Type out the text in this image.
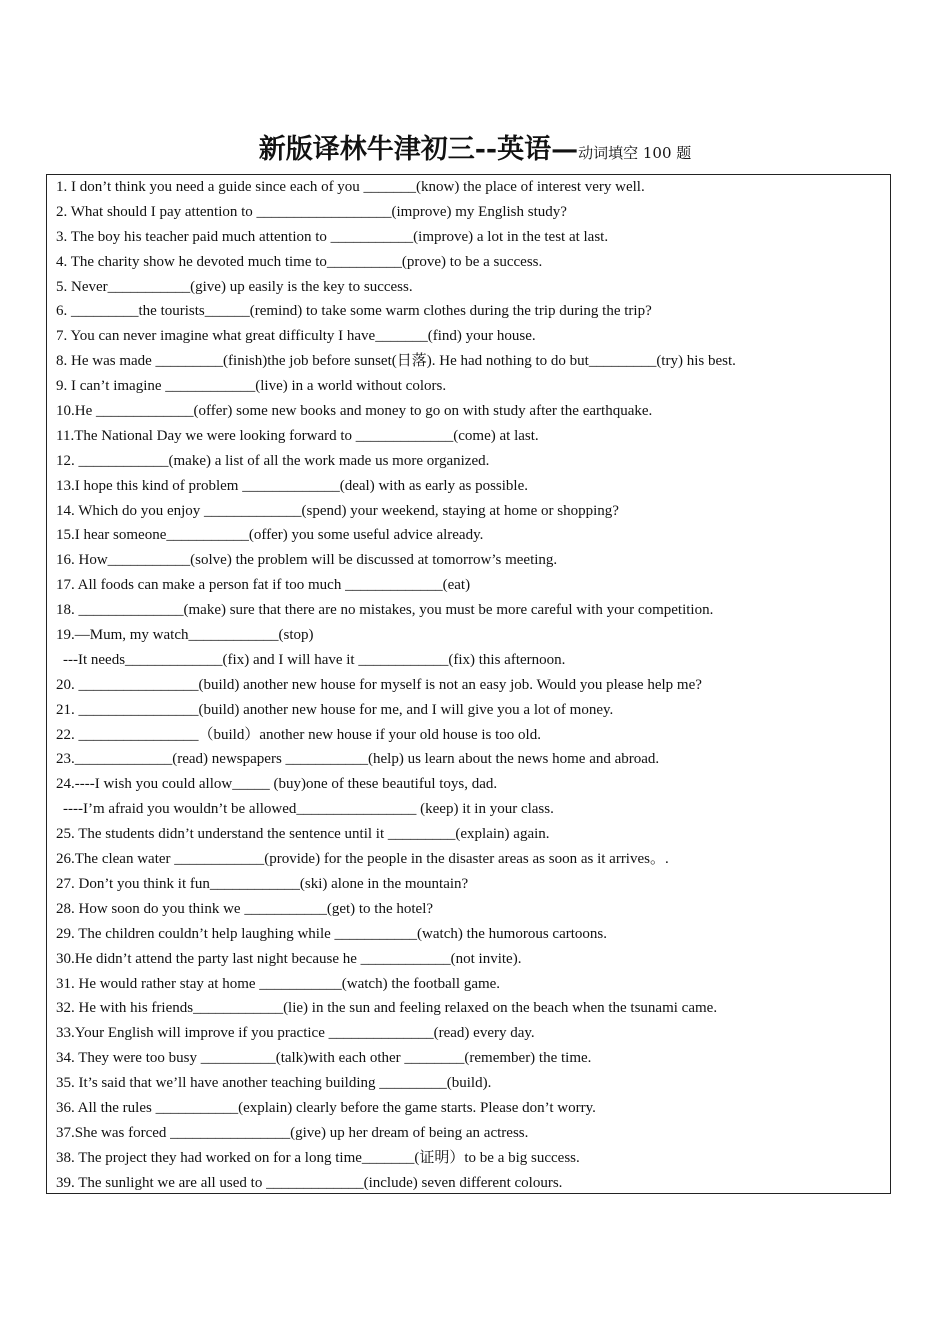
新版译林牛津初三--英语—动词填空 100 题
1. I don’t think you need a guide since each of you _______(know) the place of interest very well.
2. What should I pay attention to __________________(improve) my English study?
3. The boy his teacher paid much attention to ___________(improve) a lot in the test at last.
4. The charity show he devoted much time to__________(prove) to be a success.
5. Never___________(give) up easily is the key to success.
6. _________the tourists______(remind) to take some warm clothes during the trip during the trip?
7. You can never imagine what great difficulty I have_______(find) your house.
8. He was made _________(finish)the job before sunset(日落). He had nothing to do but_________(try) his best.
9. I can’t imagine ____________(live) in a world without colors.
10.He _____________(offer) some new books and money to go on with study after the earthquake.
11.The National Day we were looking forward to _____________(come) at last.
12. ____________(make) a list of all the work made us more organized.
13.I hope this kind of problem _____________(deal) with as early as possible.
14. Which do you enjoy _____________(spend) your weekend, staying at home or shopping?
15.I hear someone___________(offer) you some useful advice already.
16. How___________(solve) the problem will be discussed at tomorrow’s meeting.
17. All foods can make a person fat if too much _____________(eat)
18. ______________(make) sure that there are no mistakes, you must be more careful with your competition.
19.—Mum, my watch____________(stop)
---It needs_____________(fix) and I will have it ____________(fix) this afternoon.
20. ________________(build) another new house for myself is not an easy job. Would you please help me?
21. ________________(build) another new house for me, and I will give you a lot of money.
22. ________________（build）another new house if your old house is too old.
23._____________(read) newspapers ___________(help) us learn about the news home and abroad.
24.----I wish you could allow_____ (buy)one of these beautiful toys, dad.
----I’m afraid you wouldn’t be allowed________________ (keep) it in your class.
25. The students didn’t understand the sentence until it _________(explain) again.
26.The clean water ____________(provide) for the people in the disaster areas as soon as it arrives。.
27. Don’t you think it fun____________(ski) alone in the mountain?
28. How soon do you think we ___________(get) to the hotel?
29. The children couldn’t help laughing while ___________(watch) the humorous cartoons.
30.He didn’t attend the party last night because he ____________(not invite).
31. He would rather stay at home ___________(watch) the football game.
32. He with his friends____________(lie) in the sun and feeling relaxed on the beach when the tsunami came.
33.Your English will improve if you practice ______________(read) every day.
34. They were too busy __________(talk)with each other ________(remember) the time.
35. It’s said that we’ll have another teaching building _________(build).
36. All the rules ___________(explain) clearly before the game starts. Please don’t worry.
37.She was forced ________________(give) up her dream of being an actress.
38. The project they had worked on for a long time_______(证明）to be a big success.
39. The sunlight we are all used to _____________(include) seven different colours.
